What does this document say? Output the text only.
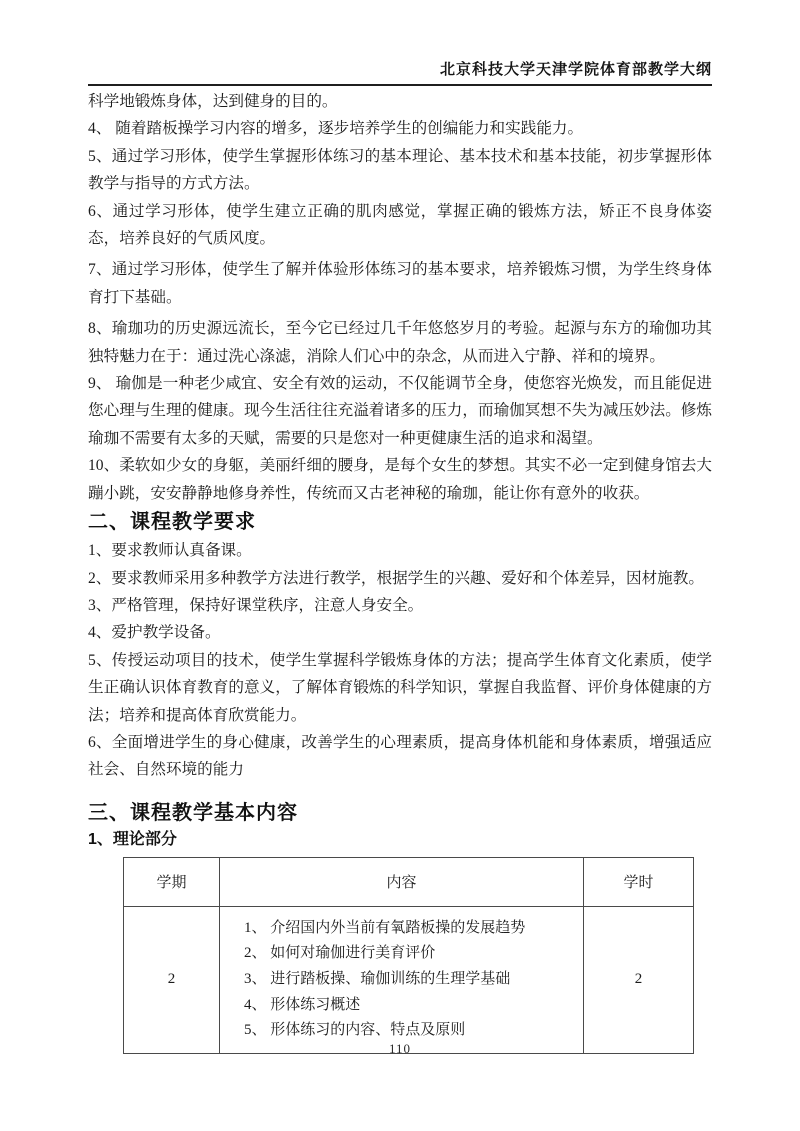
北京科技大学天津学院体育部教学大纲

科学地锻炼身体，达到健身的目的。

4、 随着踏板操学习内容的增多，逐步培养学生的创编能力和实践能力。

5、通过学习形体，使学生掌握形体练习的基本理论、基本技术和基本技能，初步掌握形体教学与指导的方式方法。

6、通过学习形体，使学生建立正确的肌肉感觉，掌握正确的锻炼方法，矫正不良身体姿态，培养良好的气质风度。

7、通过学习形体，使学生了解并体验形体练习的基本要求，培养锻炼习惯，为学生终身体育打下基础。

8、瑜珈功的历史源远流长，至今它已经过几千年悠悠岁月的考验。起源与东方的瑜伽功其独特魅力在于：通过洗心涤滤，消除人们心中的杂念，从而进入宁静、祥和的境界。

9、 瑜伽是一种老少咸宜、安全有效的运动，不仅能调节全身，使您容光焕发，而且能促进您心理与生理的健康。现今生活往往充溢着诸多的压力，而瑜伽冥想不失为减压妙法。修炼瑜珈不需要有太多的天赋，需要的只是您对一种更健康生活的追求和渴望。

10、柔软如少女的身躯，美丽纤细的腰身，是每个女生的梦想。其实不必一定到健身馆去大蹦小跳，安安静静地修身养性，传统而又古老神秘的瑜珈，能让你有意外的收获。

二、课程教学要求

1、要求教师认真备课。

2、要求教师采用多种教学方法进行教学，根据学生的兴趣、爱好和个体差异，因材施教。

3、严格管理，保持好课堂秩序，注意人身安全。

4、爱护教学设备。

5、传授运动项目的技术，使学生掌握科学锻炼身体的方法；提高学生体育文化素质，使学生正确认识体育教育的意义，了解体育锻炼的科学知识，掌握自我监督、评价身体健康的方法；培养和提高体育欣赏能力。

6、全面增进学生的身心健康，改善学生的心理素质，提高身体机能和身体素质，增强适应社会、自然环境的能力

三、课程教学基本内容
1、理论部分
学期	内容	学时
2	1、 介绍国内外当前有氧踏板操的发展趋势
2、 如何对瑜伽进行美育评价
3、 进行踏板操、瑜伽训练的生理学基础
4、 形体练习概述
5、 形体练习的内容、特点及原则	2
110
